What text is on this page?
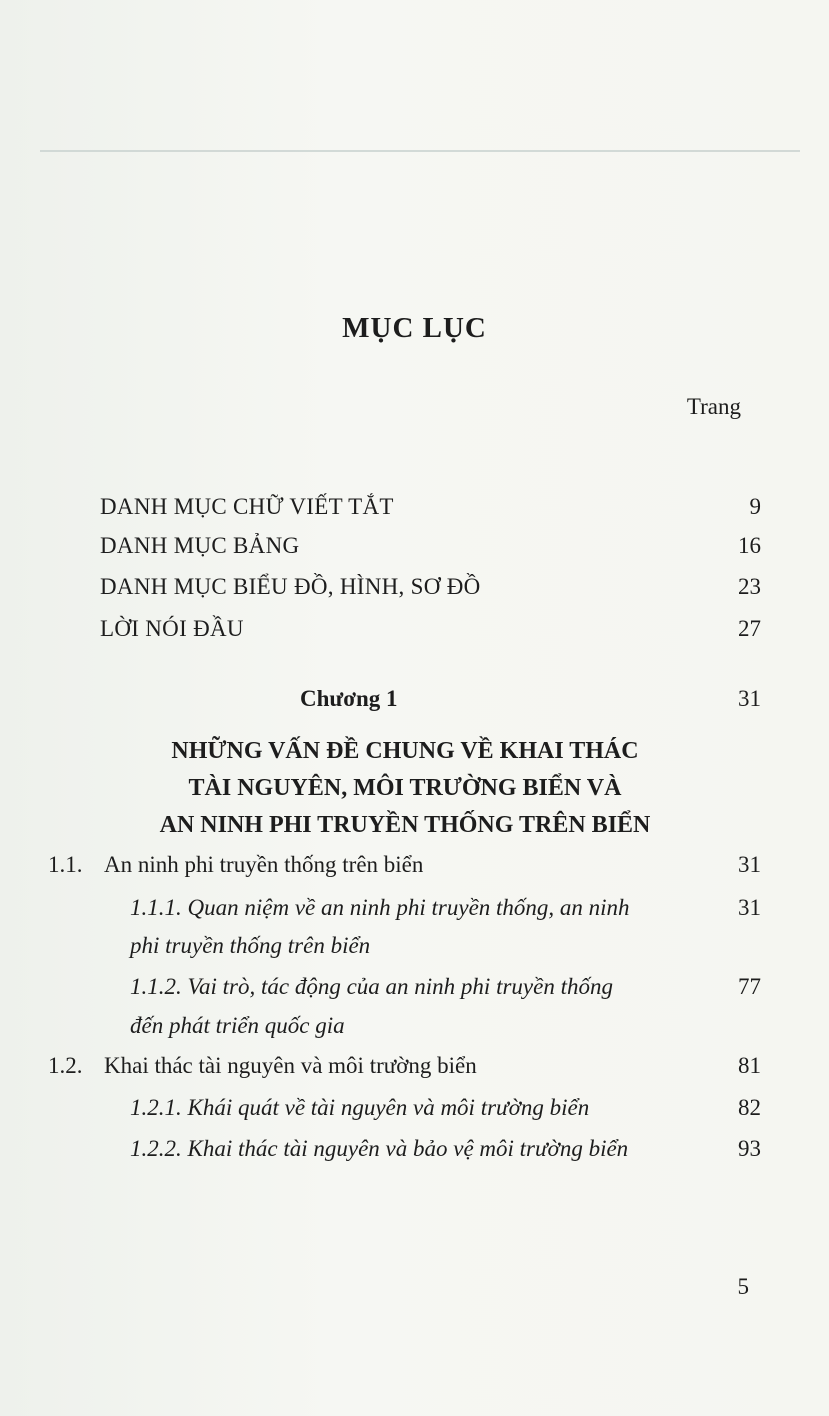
MỤC LỤC
Trang
DANH MỤC CHỮ VIẾT TẮT	9
DANH MỤC BẢNG	16
DANH MỤC BIỂU ĐỒ, HÌNH, SƠ ĐỒ	23
LỜI NÓI ĐẦU	27
Chương 1	31
NHỮNG VẤN ĐỀ CHUNG VỀ KHAI THÁC
TÀI NGUYÊN, MÔI TRƯỜNG BIỂN VÀ
AN NINH PHI TRUYỀN THỐNG TRÊN BIỂN
1.1. An ninh phi truyền thống trên biển	31
1.1.1. Quan niệm về an ninh phi truyền thống, an ninh	31
phi truyền thống trên biển
1.1.2. Vai trò, tác động của an ninh phi truyền thống	77
đến phát triển quốc gia
1.2. Khai thác tài nguyên và môi trường biển	81
1.2.1. Khái quát về tài nguyên và môi trường biển	82
1.2.2. Khai thác tài nguyên và bảo vệ môi trường biển	93
5
